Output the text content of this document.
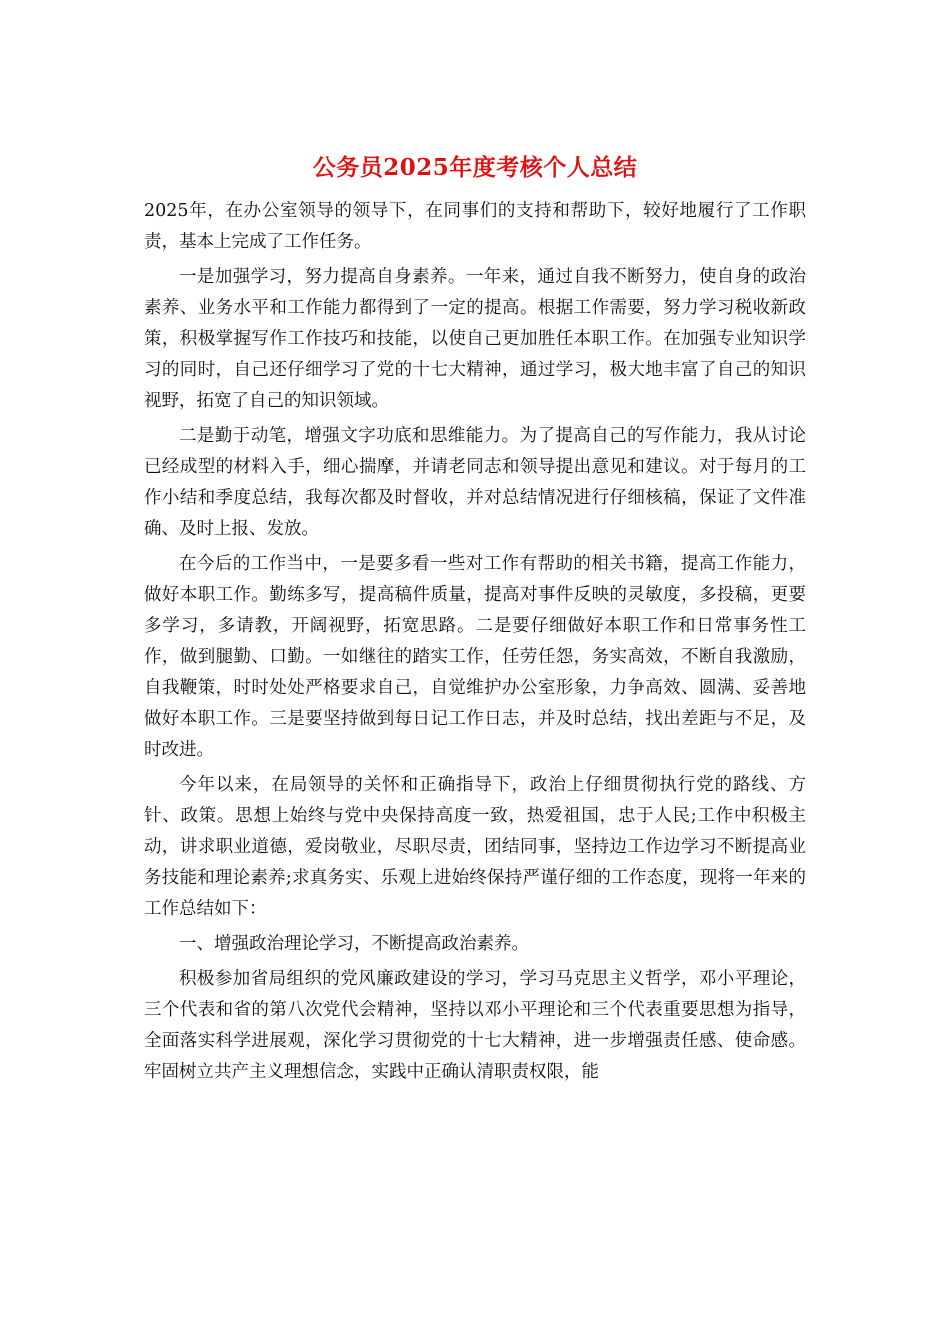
公务员2025年度考核个人总结

2025年，在办公室领导的领导下，在同事们的支持和帮助下，较好地履行了工作职责，基本上完成了工作任务。

一是加强学习，努力提高自身素养。一年来，通过自我不断努力，使自身的政治素养、业务水平和工作能力都得到了一定的提高。根据工作需要，努力学习税收新政策，积极掌握写作工作技巧和技能，以使自己更加胜任本职工作。在加强专业知识学习的同时，自己还仔细学习了党的十七大精神，通过学习，极大地丰富了自己的知识视野，拓宽了自己的知识领域。

二是勤于动笔，增强文字功底和思维能力。为了提高自己的写作能力，我从讨论已经成型的材料入手，细心揣摩，并请老同志和领导提出意见和建议。对于每月的工作小结和季度总结，我每次都及时督收，并对总结情况进行仔细核稿，保证了文件准确、及时上报、发放。

在今后的工作当中，一是要多看一些对工作有帮助的相关书籍，提高工作能力，做好本职工作。勤练多写，提高稿件质量，提高对事件反映的灵敏度，多投稿，更要多学习，多请教，开阔视野，拓宽思路。二是要仔细做好本职工作和日常事务性工作，做到腿勤、口勤。一如继往的踏实工作，任劳任怨，务实高效，不断自我激励，自我鞭策，时时处处严格要求自己，自觉维护办公室形象，力争高效、圆满、妥善地做好本职工作。三是要坚持做到每日记工作日志，并及时总结，找出差距与不足，及时改进。

今年以来，在局领导的关怀和正确指导下，政治上仔细贯彻执行党的路线、方针、政策。思想上始终与党中央保持高度一致，热爱祖国，忠于人民;工作中积极主动，讲求职业道德，爱岗敬业，尽职尽责，团结同事，坚持边工作边学习不断提高业务技能和理论素养;求真务实、乐观上进始终保持严谨仔细的工作态度，现将一年来的工作总结如下：

一、增强政治理论学习，不断提高政治素养。

积极参加省局组织的党风廉政建设的学习，学习马克思主义哲学，邓小平理论，三个代表和省的第八次党代会精神，坚持以邓小平理论和三个代表重要思想为指导，全面落实科学进展观，深化学习贯彻党的十七大精神，进一步增强责任感、使命感。牢固树立共产主义理想信念，实践中正确认清职责权限，能
